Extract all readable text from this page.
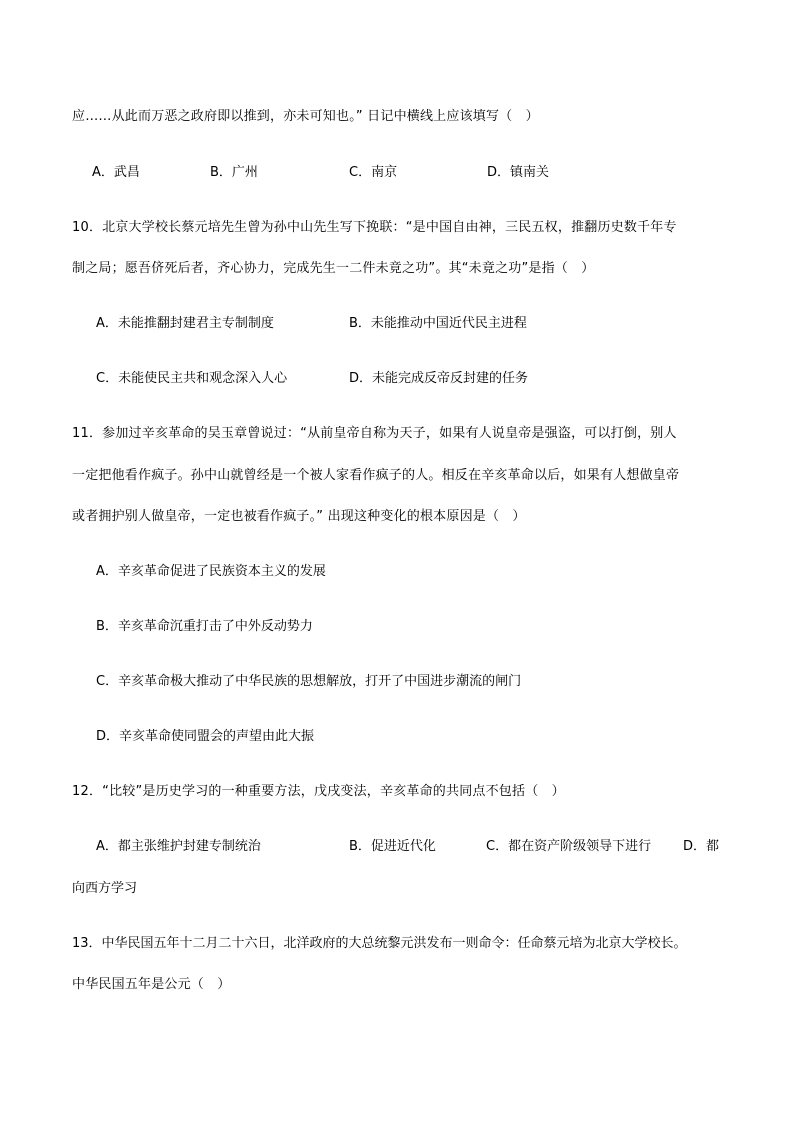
应……从此而万恶之政府即以推到，亦未可知也。” 日记中横线上应该填写（　）
A．武昌	B．广州	C．南京	D．镇南关
10．北京大学校长蔡元培先生曾为孙中山先生写下挽联：“是中国自由神，三民五权，推翻历史数千年专
制之局；愿吾侪死后者，齐心协力，完成先生一二件未竟之功”。其“未竟之功”是指（　）
A．未能推翻封建君主专制制度	B．未能推动中国近代民主进程
C．未能使民主共和观念深入人心	D．未能完成反帝反封建的任务
11．参加过辛亥革命的吴玉章曾说过：“从前皇帝自称为天子，如果有人说皇帝是强盗，可以打倒，别人
一定把他看作疯子。孙中山就曾经是一个被人家看作疯子的人。相反在辛亥革命以后，如果有人想做皇帝
或者拥护别人做皇帝，一定也被看作疯子。” 出现这种变化的根本原因是（　）
A．辛亥革命促进了民族资本主义的发展
B．辛亥革命沉重打击了中外反动势力
C．辛亥革命极大推动了中华民族的思想解放，打开了中国进步潮流的闸门
D．辛亥革命使同盟会的声望由此大振
12．“比较”是历史学习的一种重要方法，戊戌变法，辛亥革命的共同点不包括（　）
A．都主张维护封建专制统治	B．促进近代化	C．都在资产阶级领导下进行 D．都
向西方学习
13．中华民国五年十二月二十六日，北洋政府的大总统黎元洪发布一则命令：任命蔡元培为北京大学校长。
中华民国五年是公元（　）
